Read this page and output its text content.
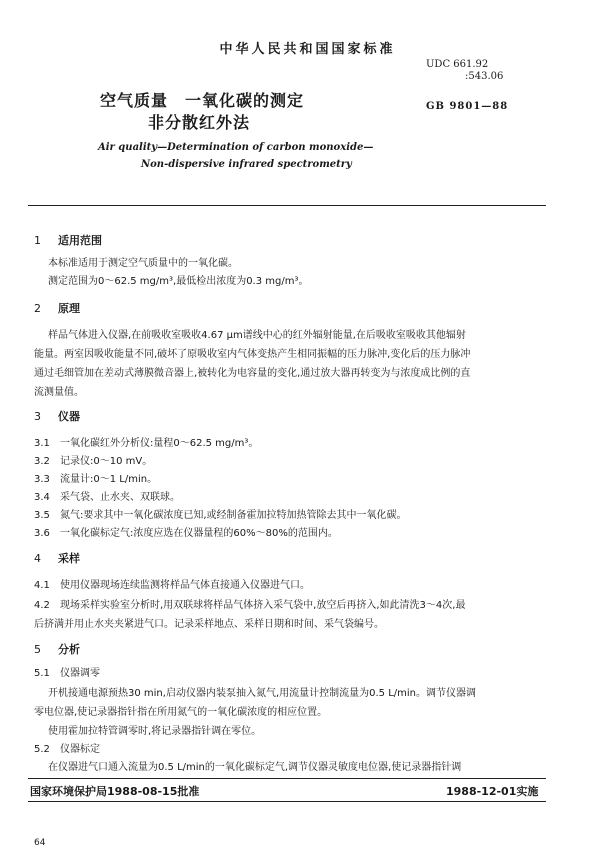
中华人民共和国国家标准
UDC 661.92
:543.06
GB 9801—88
空气质量　一氧化碳的测定
非分散红外法
Air quality—Determination of carbon monoxide—
Non-dispersive infrared spectrometry
1 适用范围
本标准适用于测定空气质量中的一氧化碳。
测定范围为0～62.5 mg/m³,最低检出浓度为0.3 mg/m³。
2 原理
样品气体进入仪器,在前吸收室吸收4.67 μm谱线中心的红外辐射能量,在后吸收室吸收其他辐射
能量。两室因吸收能量不同,破坏了原吸收室内气体变热产生相同振幅的压力脉冲,变化后的压力脉冲
通过毛细管加在差动式薄膜微音器上,被转化为电容量的变化,通过放大器再转变为与浓度成比例的直
流测量值。
3 仪器
3.1 一氧化碳红外分析仪:量程0～62.5 mg/m³。
3.2 记录仪:0～10 mV。
3.3 流量计:0～1 L/min。
3.4 采气袋、止水夹、双联球。
3.5 氮气:要求其中一氧化碳浓度已知,或经制备霍加拉特加热管除去其中一氧化碳。
3.6 一氧化碳标定气:浓度应选在仪器量程的60%～80%的范围内。
4 采样
4.1 使用仪器现场连续监测将样品气体直接通入仪器进气口。
4.2 现场采样实验室分析时,用双联球将样品气体挤入采气袋中,放空后再挤入,如此清洗3～4次,最
后挤满并用止水夹夹紧进气口。记录采样地点、采样日期和时间、采气袋编号。
5 分析
5.1 仪器调零
开机接通电源预热30 min,启动仪器内装泵抽入氮气,用流量计控制流量为0.5 L/min。调节仪器调
零电位器,使记录器指针指在所用氮气的一氧化碳浓度的相应位置。
使用霍加拉特管调零时,将记录器指针调在零位。
5.2 仪器标定
在仪器进气口通入流量为0.5 L/min的一氧化碳标定气,调节仪器灵敏度电位器,使记录器指针调
国家环境保护局1988-08-15批准	1988-12-01实施
64
